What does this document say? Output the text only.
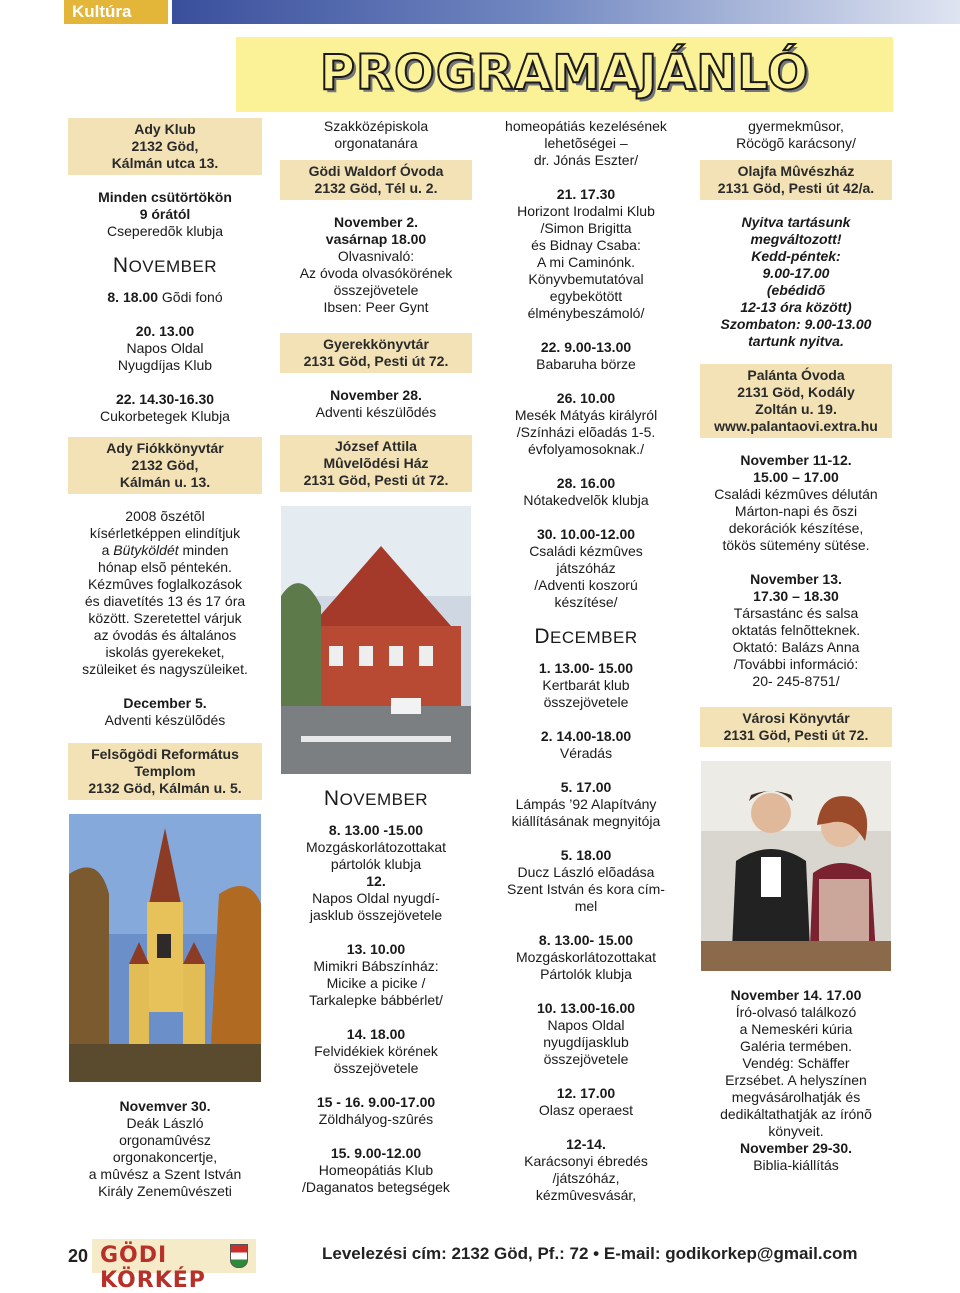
Kultúra
PROGRAMAJÁNLÓ
Ady Klub
2132 Göd,
Kálmán utca 13.

Minden csütörtökön
9 órától
Cseperedõk klubja

NOVEMBER

8. 18.00 Gõdi fonó

20. 13.00
Napos Oldal
Nyugdíjas Klub

22. 14.30-16.30
Cukorbetegek Klubja

Ady Fiókkönyvtár
2132 Göd,
Kálmán u. 13.

2008 õszétõl
kísérletképpen elindítjuk
a Bütyköldét minden
hónap elsõ péntekén.
Kézmûves foglalkozások
és diavetítés 13 és 17 óra
között. Szeretettel várjuk
az óvodás és általános
iskolás gyerekeket,
szüleiket és nagyszüleiket.

December 5.
Adventi készülõdés

Felsõgödi Református
Templom
2132 Göd, Kálmán u. 5.

Novemver 30.
Deák László
orgonamûvész
orgonakoncertje,
a mûvész a Szent István
Király Zenemûvészeti

Szakközépiskola
orgonatanára

Gödi Waldorf Óvoda
2132 Göd, Tél u. 2.

November 2.
vasárnap 18.00
Olvasnivaló:
Az óvoda olvasókörének
összejövetele
Ibsen: Peer Gynt

Gyerekkönyvtár
2131 Göd, Pesti út 72.

November 28.
Adventi készülõdés

József Attila
Mûvelõdési Ház
2131 Göd, Pesti út 72.
NOVEMBER

8. 13.00 -15.00
Mozgáskorlátozottakat
pártolók klubja
12.
Napos Oldal nyugdí-
jasklub összejövetele

13. 10.00
Mimikri Bábszínház:
Micike a picike /
Tarkalepke bábbérlet/

14. 18.00
Felvidékiek körének
összejövetele

15 - 16. 9.00-17.00
Zöldhályog-szûrés

15. 9.00-12.00
Homeopátiás Klub
/Daganatos betegségek

homeopátiás kezelésének
lehetõségei –
dr. Jónás Eszter/

21. 17.30
Horizont Irodalmi Klub
/Simon Brigitta
és Bidnay Csaba:
A mi Caminónk.
Könyvbemutatóval
egybekötött
élménybeszámoló/

22. 9.00-13.00
Babaruha börze

26. 10.00
Mesék Mátyás királyról
/Színházi elõadás 1-5.
évfolyamosoknak./

28. 16.00
Nótakedvelõk klubja

30. 10.00-12.00
Családi kézmûves
játszóház
/Adventi koszorú
készítése/

DECEMBER

1. 13.00- 15.00
Kertbarát klub
összejövetele

2. 14.00-18.00
Véradás

5. 17.00
Lámpás ’92 Alapítvány
kiállításának megnyitója

5. 18.00
Ducz László elõadása
Szent István és kora cím-
mel

8. 13.00- 15.00
Mozgáskorlátozottakat
Pártolók klubja

10. 13.00-16.00
Napos Oldal
nyugdíjasklub
összejövetele

12. 17.00
Olasz operaest

12-14.
Karácsonyi ébredés
/játszóház,
kézmûvesvásár,

gyermekmûsor,
Röcögõ karácsony/

Olajfa Mûvészház
2131 Göd, Pesti út 42/a.

Nyitva tartásunk
megváltozott!
Kedd-péntek:
9.00-17.00
(ebédidõ
12-13 óra között)
Szombaton: 9.00-13.00
tartunk nyitva.

Palánta Óvoda
2131 Göd, Kodály
Zoltán u. 19.
www.palantaovi.extra.hu

November 11-12.
15.00 – 17.00
Családi kézmûves délután
Márton-napi és õszi
dekorációk készítése,
tökös sütemény sütése.

November 13.
17.30 – 18.30
Társastánc és salsa
oktatás felnõtteknek.
Oktató: Balázs Anna
/További információ:
20- 245-8751/

Városi Könyvtár
2131 Göd, Pesti út 72.

November 14. 17.00
Író-olvasó találkozó
a Nemeskéri kúria
Galéria termében.
Vendég: Schäffer
Erzsébet. A helyszínen
megvásárolhatják és
dedikáltathatják az írónõ
könyveit.
November 29-30.
Biblia-kiállítás

20 GÖDI KÖRKÉP
Levelezési cím: 2132 Göd, Pf.: 72 • E-mail: godikorkep@gmail.com
